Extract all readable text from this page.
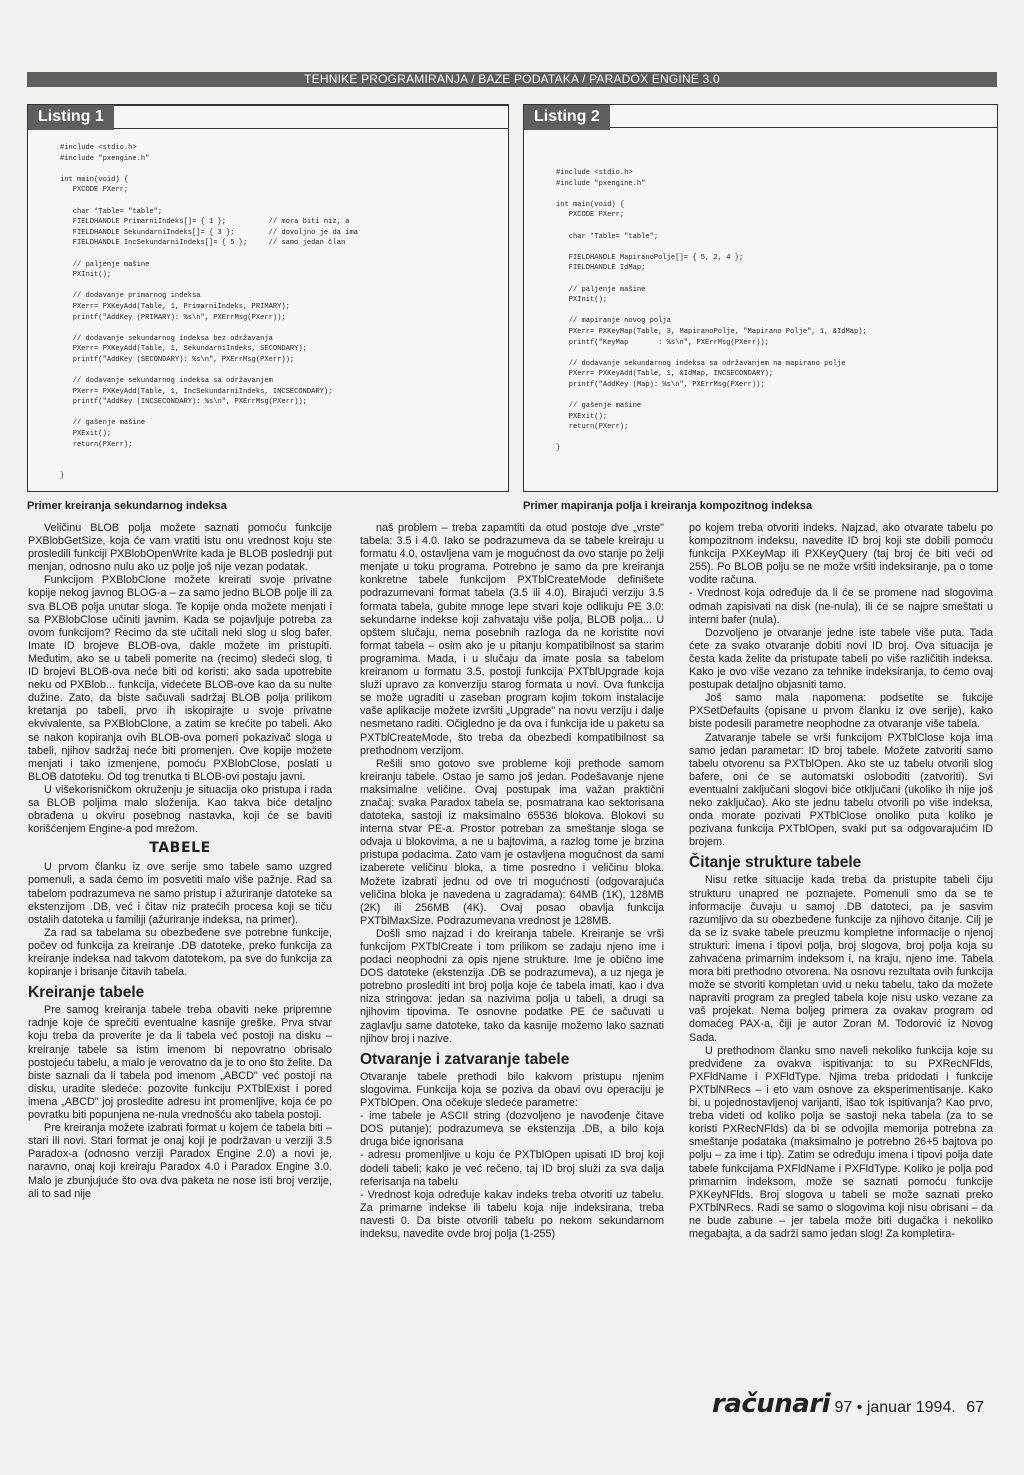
TEHNIKE PROGRAMIRANJA / BAZE PODATAKA / PARADOX ENGINE 3.0
Listing 1
#include <stdio.h>
#include "pxengine.h"

int main(void) {
PXCODE PXerr;

char *Table= "table";
FIELDHANDLE PrimarniIndeks[]= { 1 };          // mora biti niz, a
FIELDHANDLE SekundarniIndeks[]= { 3 };        // dovoljno je da ima
FIELDHANDLE IncSekundarniIndeks[]= { 5 };     // samo jedan član

// paljenje mašine
PXInit();

// dodavanje primarnog indeksa
PXerr= PXKeyAdd(Table, 1, PrimarniIndeks, PRIMARY);
printf("AddKey (PRIMARY): %s\n", PXErrMsg(PXerr));

// dodavanje sekundarnog indeksa bez održavanja
PXerr= PXKeyAdd(Table, 1, SekundarniIndeks, SECONDARY);
printf("AddKey (SECONDARY): %s\n", PXErrMsg(PXerr));

// dodavanje sekundarnog indeksa sa održavanjem
PXerr= PXKeyAdd(Table, 1, IncSekundarniIndeks, INCSECONDARY);
printf("AddKey (INCSECONDARY): %s\n", PXErrMsg(PXerr));

// gašenje mašine
PXExit();
return(PXerr);

}
Listing 2
#include <stdio.h>
#include "pxengine.h"

int main(void) {
PXCODE PXerr;

char *Table= "table";

FIELDHANDLE MapiranoPolje[]= { 5, 2, 4 };
FIELDHANDLE IdMap;

// paljenje mašine
PXInit();

// mapiranje novog polja
PXerr= PXKeyMap(Table, 3, MapiranoPolje, "Mapirano Polje", 1, &IdMap);
printf("KeyMap       : %s\n", PXErrMsg(PXerr));

// dodavanje sekundarnog indeksa sa održavanjem na mapirano polje
PXerr= PXKeyAdd(Table, 1, &IdMap, INCSECONDARY);
printf("AddKey (Map): %s\n", PXErrMsg(PXerr));

// gašenje mašine
PXExit();
return(PXerr);

}
Primer kreiranja sekundarnog indeksa	Primer mapiranja polja i kreiranja kompozitnog indeksa

Veličinu BLOB polja možete saznati pomoću funkcije PXBlobGetSize, koja će vam vratiti istu onu vrednost koju ste prosledili funkciji PXBlobOpenWrite kada je BLOB poslednji put menjan, odnosno nulu ako uz polje još nije vezan podatak.

Funkcijom PXBlobClone možete kreirati svoje privatne kopije nekog javnog BLOG-a – za samo jedno BLOB polje ili za sva BLOB polja unutar sloga. Te kopije onda možete menjati i sa PXBlobClose učiniti javnim. Kada se pojavljuje potreba za ovom funkcijom? Recimo da ste učitali neki slog u slog bafer. Imate ID brojeve BLOB-ova, dakle možete im pristupiti. Međutim, ako se u tabeli pomerite na (recimo) sledeći slog, ti ID brojevi BLOB-ova neće biti od koristi: ako sada upotrebite neku od PXBlob... funkcija, videćete BLOB-ove kao da su nulte dužine. Zato, da biste sačuvali sadržaj BLOB polja prilikom kretanja po tabeli, prvo ih iskopirajte u svoje privatne ekvivalente, sa PXBlobClone, a zatim se krećite po tabeli. Ako se nakon kopiranja ovih BLOB-ova pomeri pokazivač sloga u tabeli, njihov sadržaj neće biti promenjen. Ove kopije možete menjati i tako izmenjene, pomoću PXBlobClose, poslati u BLOB datoteku. Od tog trenutka ti BLOB-ovi postaju javni.

U višekorisničkom okruženju je situacija oko pristupa i rada sa BLOB poljima malo složenija. Kao takva biće detaljno obrađena u okviru posebnog nastavka, koji će se baviti korišćenjem Engine-a pod mrežom.

TABELE

U prvom članku iz ove serije smo tabele samo uzgred pomenuli, a sada ćemo im posvetiti malo više pažnje. Rad sa tabelom podrazumeva ne samo pristup i ažuriranje datoteke sa ekstenzijom .DB, već i čitav niz pratećih procesa koji se tiču ostalih datoteka u familiji (ažuriranje indeksa, na primer).

Za rad sa tabelama su obezbeđene sve potrebne funkcije, počev od funkcija za kreiranje .DB datoteke, preko funkcija za kreiranje indeksa nad takvom datotekom, pa sve do funkcija za kopiranje i brisanje čitavih tabela.

Kreiranje tabele

Pre samog kreiranja tabele treba obaviti neke pripremne radnje koje će sprečiti eventualne kasnije greške. Prva stvar koju treba da proverite je da li tabela već postoji na disku – kreiranje tabele sa istim imenom bi nepovratno obrisalo postojeću tabelu, a malo je verovatno da je to ono što želite. Da biste saznali da li tabela pod imenom „ABCD" već postoji na disku, uradite sledeće: pozovite funkciju PXTblExist i pored imena „ABCD" joj prosledite adresu int promenljive, koja će po povratku biti popunjena ne-nula vrednošću ako tabela postoji.

Pre kreiranja možete izabrati format u kojem će tabela biti – stari ili novi. Stari format je onaj koji je podržavan u verziji 3.5 Paradox-a (odnosno verziji Paradox Engine 2.0) a novi je, naravno, onaj koji kreiraju Paradox 4.0 i Paradox Engine 3.0. Malo je zbunjujuće što ova dva paketa ne nose isti broj verzije, ali to sad nije

naš problem – treba zapamtiti da otud postoje dve „vrste" tabela: 3.5 i 4.0. Iako se podrazumeva da se tabele kreiraju u formatu 4.0, ostavljena vam je mogućnost da ovo stanje po želji menjate u toku programa. Potrebno je samo da pre kreiranja konkretne tabele funkcijom PXTblCreateMode definišete podrazumevani format tabela (3.5 ili 4.0). Birajući verziju 3.5 formata tabela, gubite mnoge lepe stvari koje odlikuju PE 3.0: sekundarne indekse koji zahvataju više polja, BLOB polja... U opštem slučaju, nema posebnih razloga da ne koristite novi format tabela – osim ako je u pitanju kompatibilnost sa starim programima. Mada, i u slučaju da imate posla sa tabelom kreiranom u formatu 3.5, postoji funkcija PXTblUpgrade koja služi upravo za konverziju starog formata u novi. Ova funkcija se može ugraditi u zaseban program kojim tokom instalacije vaše aplikacije možete izvršiti „Upgrade" na novu verziju i dalje nesmetano raditi. Očigledno je da ova i funkcija ide u paketu sa PXTblCreateMode, što treba da obezbedi kompatibilnost sa prethodnom verzijom.

Rešili smo gotovo sve probleme koji prethode samom kreiranju tabele. Ostao je samo još jedan. Podešavanje njene maksimalne veličine. Ovaj postupak ima važan praktični značaj: svaka Paradox tabela se, posmatrana kao sektorisana datoteka, sastoji iz maksimalno 65536 blokova. Blokovi su interna stvar PE-a. Prostor potreban za smeštanje sloga se odvaja u blokovima, a ne u bajtovima, a razlog tome je brzina pristupa podacima. Zato vam je ostavljena mogućnost da sami izaberete veličinu bloka, a time posredno i veličinu bloka. Možete izabrati jednu od ove tri mogućnosti (odgovarajuća veličina bloka je navedena u zagradama): 64MB (1K), 128MB (2K) ili 256MB (4K). Ovaj posao obavlja funkcija PXTblMaxSize. Podrazumevana vrednost je 128MB.

Došli smo najzad i do kreiranja tabele. Kreiranje se vrši funkcijom PXTblCreate i tom prilikom se zadaju njeno ime i podaci neophodni za opis njene strukture. Ime je obično ime DOS datoteke (ekstenzija .DB se podrazumeva), a uz njega je potrebno proslediti int broj polja koje će tabela imati, kao i dva niza stringova: jedan sa nazivima polja u tabeli, a drugi sa njihovim tipovima. Te osnovne podatke PE će sačuvati u zaglavlju same datoteke, tako da kasnije možemo lako saznati njihov broj i nazive.

Otvaranje i zatvaranje tabele

Otvaranje tabele prethodi bilo kakvom pristupu njenim slogovima. Funkcija koja se poziva da obavi ovu operaciju je PXTblOpen. Ona očekuje sledeće parametre:

- ime tabele je ASCII string (dozvoljeno je navođenje čitave DOS putanje); podrazumeva se ekstenzija .DB, a bilo koja druga biće ignorisana

- adresu promenljive u koju će PXTblOpen upisati ID broj koji dodeli tabeli; kako je već rečeno, taj ID broj služi za sva dalja referisanja na tabelu

- Vrednost koja određuje kakav indeks treba otvoriti uz tabelu. Za primarne indekse ili tabelu koja nije indeksirana, treba navesti 0. Da biste otvorili tabelu po nekom sekundarnom indeksu, navedite ovde broj polja (1-255)

po kojem treba otvoriti indeks. Najzad, ako otvarate tabelu po kompozitnom indeksu, navedite ID broj koji ste dobili pomoću funkcija PXKeyMap ili PXKeyQuery (taj broj će biti veći od 255). Po BLOB polju se ne može vršiti indeksiranje, pa o tome vodite računa.

- Vrednost koja određuje da li će se promene nad slogovima odmah zapisivati na disk (ne-nula), ili će se najpre smeštati u interni bafer (nula).

Dozvoljeno je otvaranje jedne iste tabele više puta. Tada ćete za svako otvaranje dobiti novi ID broj. Ova situacija je česta kada želite da pristupate tabeli po više različitih indeksa. Kako je ovo više vezano za tehnike indeksiranja, to ćemo ovaj postupak detaljno objasniti tamo.

Još samo mala napomena: podsetite se fukcije PXSetDefaults (opisane u prvom članku iz ove serije), kako biste podesili parametre neophodne za otvaranje više tabela.

Zatvaranje tabele se vrši funkcijom PXTblClose koja ima samo jedan parametar: ID broj tabele. Možete zatvoriti samo tabelu otvorenu sa PXTblOpen. Ako ste uz tabelu otvorili slog bafere, oni će se automatski oslobođiti (zatvoriti). Svi eventualni zaključani slogovi biće otključani (ukoliko ih nije još neko zaključao). Ako ste jednu tabelu otvorili po više indeksa, onda morate pozivati PXTblClose onoliko puta koliko je pozivana funkcija PXTblOpen, svaki put sa odgovarajućim ID brojem.

Čitanje strukture tabele

Nisu retke situacije kada treba da pristupite tabeli čiju strukturu unapred ne poznajete. Pomenuli smo da se te informacije čuvaju u samoj .DB datoteci, pa je sasvim razumljivo da su obezbeđene funkcije za njihovo čitanje. Cilj je da se iz svake tabele preuzmu kompletne informacije o njenoj strukturi: imena i tipovi polja, broj slogova, broj polja koja su zahvaćena primarnim indeksom i, na kraju, njeno ime. Tabela mora biti prethodno otvorena. Na osnovu rezultata ovih funkcija može se stvoriti kompletan uvid u neku tabelu, tako da možete napraviti program za pregled tabela koje nisu usko vezane za vaš projekat. Nema boljeg primera za ovakav program od domaćeg PAX-a, čiji je autor Zoran M. Todorović iz Novog Sada.

U prethodnom članku smo naveli nekoliko funkcija koje su predviđene za ovakva ispitivanja: to su PXRecNFlds, PXFldName i PXFldType. Njima treba pridodati i funkcije PXTblNRecs – i eto vam osnove za eksperimentisanje. Kako bi, u pojednostavljenoj varijanti, išao tok ispitivanja? Kao prvo, treba videti od koliko polja se sastoji neka tabela (za to se koristi PXRecNFlds) da bi se odvojila memorija potrebna za smeštanje podataka (maksimalno je potrebno 26+5 bajtova po polju – za ime i tip). Zatim se određuju imena i tipovi polja date tabele funkcijama PXFldName i PXFldType. Koliko je polja pod primarnim indeksom, može se saznati pomoću funkcije PXKeyNFlds. Broj slogova u tabeli se može saznati preko PXTblNRecs. Radi se samo o slogovima koji nisu obrisani – da ne bude zabune – jer tabela može biti dugačka i nekoliko megabajta, a da sadrži samo jedan slog! Za kompletira-

računari 97 • januar 1994. 67
